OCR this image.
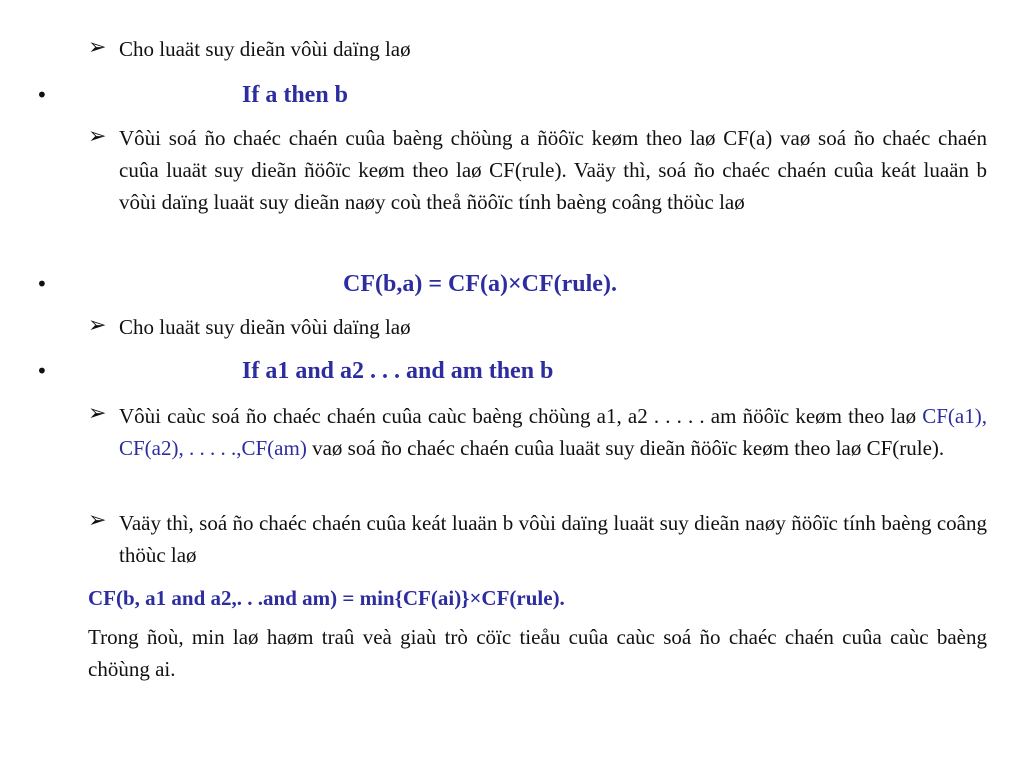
➢ Cho luaät suy dieãn vôùi daïng laø
•	If a then b
➢ Vôùi soá ño chaéc chaén cuûa baèng chöùng a ñöôïc keøm theo laø CF(a) vaø soá ño chaéc chaén cuûa luaät suy dieãn ñöôïc keøm theo laø CF(rule). Vaäy thì, soá ño chaéc chaén cuûa keát luaän b vôùi daïng luaät suy dieãn naøy coù theå ñöôïc tính baèng coâng thöùc laø
•	CF(b,a) = CF(a)×CF(rule).
➢ Cho luaät suy dieãn vôùi daïng laø
•	If a1 and a2 . . . and am then b
➢ Vôùi caùc soá ño chaéc chaén cuûa caùc baèng chöùng a1, a2 . . . . . am ñöôïc keøm theo laø CF(a1), CF(a2), . . . . .,CF(am) vaø soá ño chaéc chaén cuûa luaät suy dieãn ñöôïc keøm theo laø CF(rule).
➢ Vaäy thì, soá ño chaéc chaén cuûa keát luaän b vôùi daïng luaät suy dieãn naøy ñöôïc tính baèng coâng thöùc laø
CF(b, a1 and a2,. . .and am) = min{CF(ai)}×CF(rule).
Trong ñoù, min laø haøm traû veà giaù trò cöïc tieåu cuûa caùc soá ño chaéc chaén cuûa caùc baèng chöùng ai.
